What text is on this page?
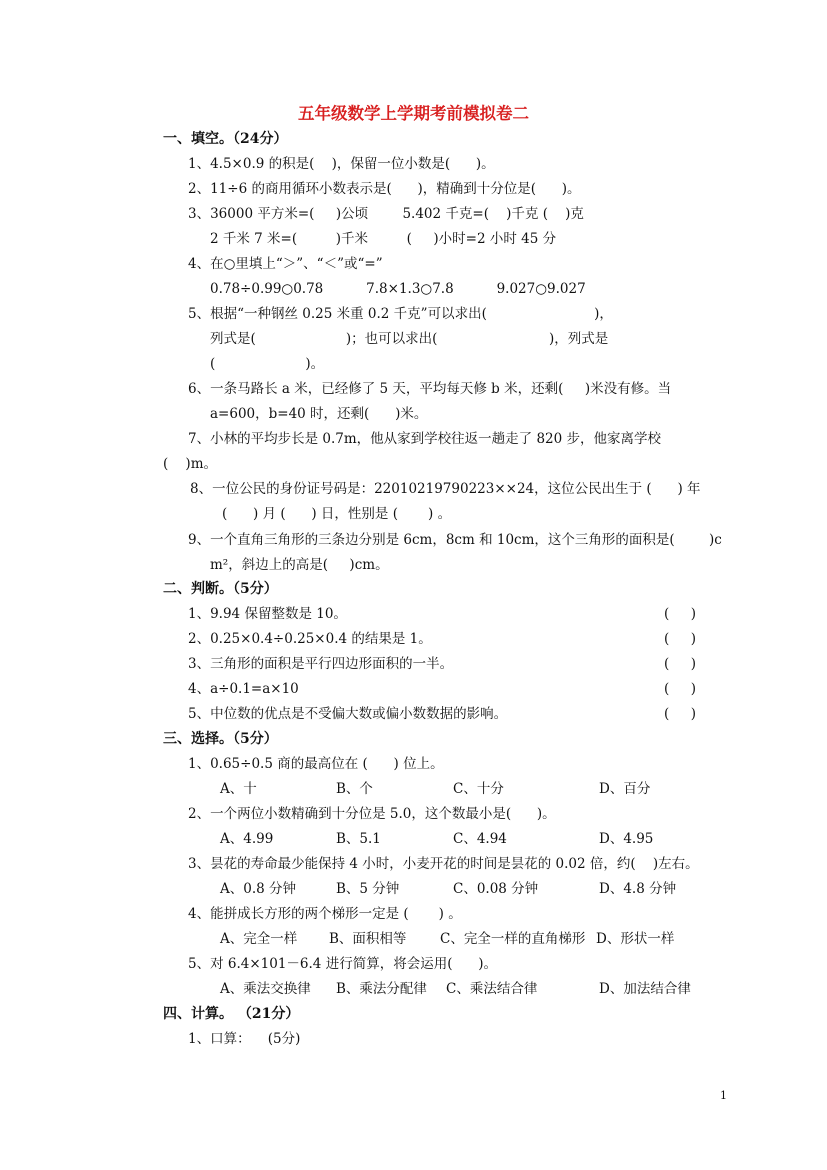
五年级数学上学期考前模拟卷二
一、填空。（24分）
1、4.5×0.9 的积是(    )，保留一位小数是(      )。
2、11÷6 的商用循环小数表示是(      )，精确到十分位是(      )。
3、36000 平方米=(     )公顷        5.402 千克=(    )千克 (    )克
2 千米 7 米=(         )千米         (     )小时=2 小时 45 分
4、在○里填上“＞”、“＜”或“=”
0.78÷0.99○0.78          7.8×1.3○7.8          9.027○9.027
5、根据“一种钢丝 0.25 米重 0.2 千克”可以求出(                         )，
列式是(                     )；也可以求出(                          )，列式是
(                     )。
6、一条马路长 a 米，已经修了 5 天，平均每天修 b 米，还剩(     )米没有修。当
a=600，b=40 时，还剩(      )米。
7、小林的平均步长是 0.7m，他从家到学校往返一趟走了 820 步，他家离学校
(    )m。
8、一位公民的身份证号码是：22010219790223××24，这位公民出生于 (      ) 年
(      ) 月 (      ) 日，性别是 (       ) 。
9、一个直角三角形的三条边分别是 6cm，8cm 和 10cm，这个三角形的面积是(        )c
m²，斜边上的高是(     )cm。
二、判断。（5分）
1、9.94 保留整数是 10。	(     )
2、0.25×0.4÷0.25×0.4 的结果是 1。	(     )
3、三角形的面积是平行四边形面积的一半。	(     )
4、a÷0.1=a×10	(     )
5、中位数的优点是不受偏大数或偏小数数据的影响。	(     )
三、选择。（5分）
1、0.65÷0.5 商的最高位在 (      ) 位上。
A、十	B、个	C、十分	D、百分
2、一个两位小数精确到十分位是 5.0，这个数最小是(      )。
A、4.99	B、5.1	C、4.94	D、4.95
3、昙花的寿命最少能保持 4 小时，小麦开花的时间是昙花的 0.02 倍，约(    )左右。
A、0.8 分钟	B、5 分钟	C、0.08 分钟	D、4.8 分钟
4、能拼成长方形的两个梯形一定是 (       ) 。
A、完全一样 B、面积相等 C、完全一样的直角梯形 D、形状一样
5、对 6.4×101－6.4 进行简算，将会运用(      )。
A、乘法交换律 B、乘法分配律 C、乘法结合律	D、加法结合律
四、计算。 （21分）
1、口算：    (5分)
1
